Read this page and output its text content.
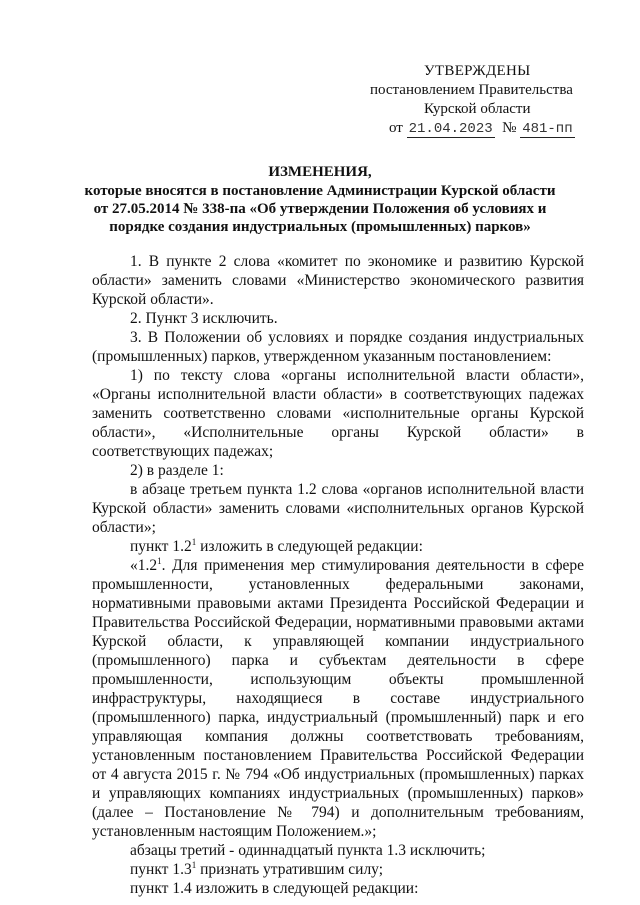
УТВЕРЖДЕНЫ
постановлением Правительства
Курской области
от 21.04.2023 № 481-пп
ИЗМЕНЕНИЯ,
которые вносятся в постановление Администрации Курской области
от 27.05.2014 № 338-па «Об утверждении Положения об условиях и
порядке создания индустриальных (промышленных) парков»

1. В пункте 2 слова «комитет по экономике и развитию Курской области» заменить словами «Министерство экономического развития Курской области».

2. Пункт 3 исключить.

3. В Положении об условиях и порядке создания индустриальных (промышленных) парков, утвержденном указанным постановлением:

1) по тексту слова «органы исполнительной власти области», «Органы исполнительной власти области» в соответствующих падежах заменить соответственно словами «исполнительные органы Курской области», «Исполнительные органы Курской области» в соответствующих падежах;

2) в разделе 1:

в абзаце третьем пункта 1.2 слова «органов исполнительной власти Курской области» заменить словами «исполнительных органов Курской области»;

пункт $1.2^1$ изложить в следующей редакции:

«$1.2^1$. Для применения мер стимулирования деятельности в сфере промышленности, установленных федеральными законами, нормативными правовыми актами Президента Российской Федерации и Правительства Российской Федерации, нормативными правовыми актами Курской области, к управляющей компании индустриального (промышленного) парка и субъектам деятельности в сфере промышленности, использующим объекты промышленной инфраструктуры, находящиеся в составе индустриального (промышленного) парка, индустриальный (промышленный) парк и его управляющая компания должны соответствовать требованиям, установленным постановлением Правительства Российской Федерации от 4 августа 2015 г. № 794 «Об индустриальных (промышленных) парках и управляющих компаниях индустриальных (промышленных) парков» (далее – Постановление № 794) и дополнительным требованиям, установленным настоящим Положением.»;

абзацы третий - одиннадцатый пункта 1.3 исключить;

пункт $1.3^1$ признать утратившим силу;

пункт 1.4 изложить в следующей редакции:
